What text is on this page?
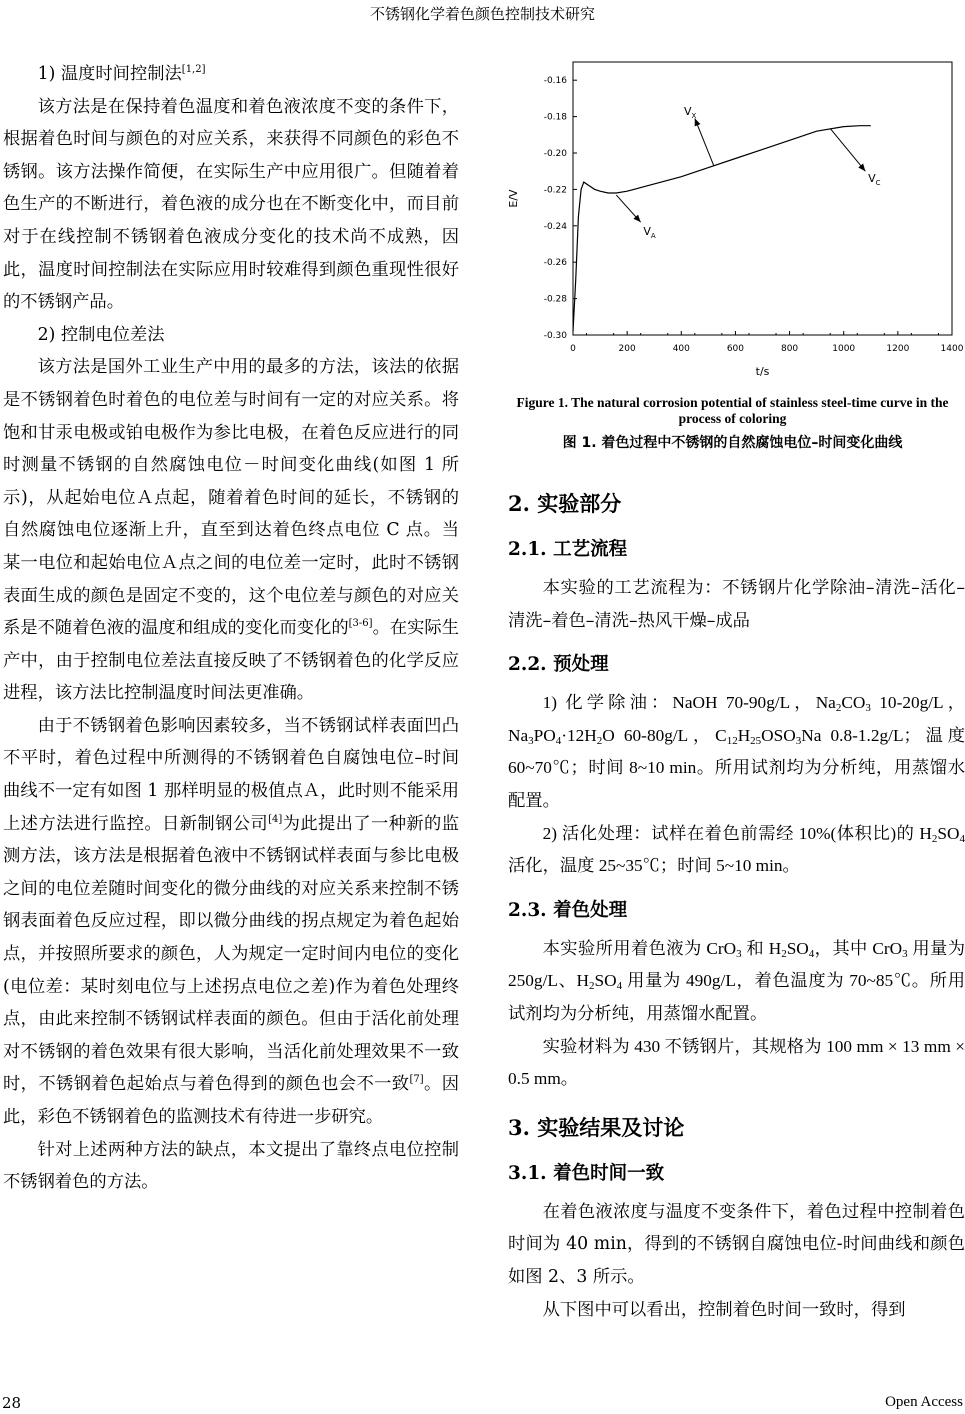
不锈钢化学着色颜色控制技术研究

1) 温度时间控制法[1,2]

该方法是在保持着色温度和着色液浓度不变的条件下，根据着色时间与颜色的对应关系，来获得不同颜色的彩色不锈钢。该方法操作简便，在实际生产中应用很广。但随着着色生产的不断进行，着色液的成分也在不断变化中，而目前对于在线控制不锈钢着色液成分变化的技术尚不成熟，因此，温度时间控制法在实际应用时较难得到颜色重现性很好的不锈钢产品。

2) 控制电位差法

该方法是国外工业生产中用的最多的方法，该法的依据是不锈钢着色时着色的电位差与时间有一定的对应关系。将饱和甘汞电极或铂电极作为参比电极，在着色反应进行的同时测量不锈钢的自然腐蚀电位－时间变化曲线(如图 1 所示)，从起始电位Ａ点起，随着着色时间的延长，不锈钢的自然腐蚀电位逐渐上升，直至到达着色终点电位 C 点。当某一电位和起始电位Ａ点之间的电位差一定时，此时不锈钢表面生成的颜色是固定不变的，这个电位差与颜色的对应关系是不随着色液的温度和组成的变化而变化的[3-6]。在实际生产中，由于控制电位差法直接反映了不锈钢着色的化学反应进程，该方法比控制温度时间法更准确。

由于不锈钢着色影响因素较多，当不锈钢试样表面凹凸不平时，着色过程中所测得的不锈钢着色自腐蚀电位–时间曲线不一定有如图 1 那样明显的极值点Ａ，此时则不能采用上述方法进行监控。日新制钢公司[4]为此提出了一种新的监测方法，该方法是根据着色液中不锈钢试样表面与参比电极之间的电位差随时间变化的微分曲线的对应关系来控制不锈钢表面着色反应过程，即以微分曲线的拐点规定为着色起始点，并按照所要求的颜色，人为规定一定时间内电位的变化(电位差：某时刻电位与上述拐点电位之差)作为着色处理终点，由此来控制不锈钢试样表面的颜色。但由于活化前处理对不锈钢的着色效果有很大影响，当活化前处理效果不一致时，不锈钢着色起始点与着色得到的颜色也会不一致[7]。因此，彩色不锈钢着色的监测技术有待进一步研究。

针对上述两种方法的缺点，本文提出了靠终点电位控制不锈钢着色的方法。

0	200	400	600	800	1000	1200	1400
-0.16
-0.18
-0.20
-0.22
-0.24
-0.26
-0.28
-0.30
t/s
E/V
$V_A$
$V_X$
$V_C$
Figure 1. The natural corrosion potential of stainless steel-time curve in the process of coloring
图 1. 着色过程中不锈钢的自然腐蚀电位–时间变化曲线
2. 实验部分
2.1. 工艺流程

本实验的工艺流程为：不锈钢片化学除油–清洗–活化–清洗–着色–清洗–热风干燥–成品

2.2. 预处理

1) 化学除油：NaOH 70-90g/L，$Na_2CO_3$ 10-20g/L，$Na_3PO_4\cdot 12H_2O$ 60-80g/L，$C_{12}H_{25}OSO_3Na$ 0.8-1.2g/L；温度 60~70℃；时间 8~10 min。所用试剂均为分析纯，用蒸馏水配置。

2) 活化处理：试样在着色前需经 10%(体积比)的 $H_2SO_4$ 活化，温度 25~35℃；时间 5~10 min。

2.3. 着色处理

本实验所用着色液为 CrO$_3$ 和 $H_2SO_4$，其中 CrO$_3$ 用量为 250g/L、$H_2SO_4$ 用量为 490g/L，着色温度为 70~85℃。所用试剂均为分析纯，用蒸馏水配置。

实验材料为 430 不锈钢片，其规格为 100 mm × 13 mm × 0.5 mm。

3. 实验结果及讨论
3.1. 着色时间一致

在着色液浓度与温度不变条件下，着色过程中控制着色时间为 40 min，得到的不锈钢自腐蚀电位-时间曲线和颜色如图 2、3 所示。

从下图中可以看出，控制着色时间一致时，得到

28	Open Access
